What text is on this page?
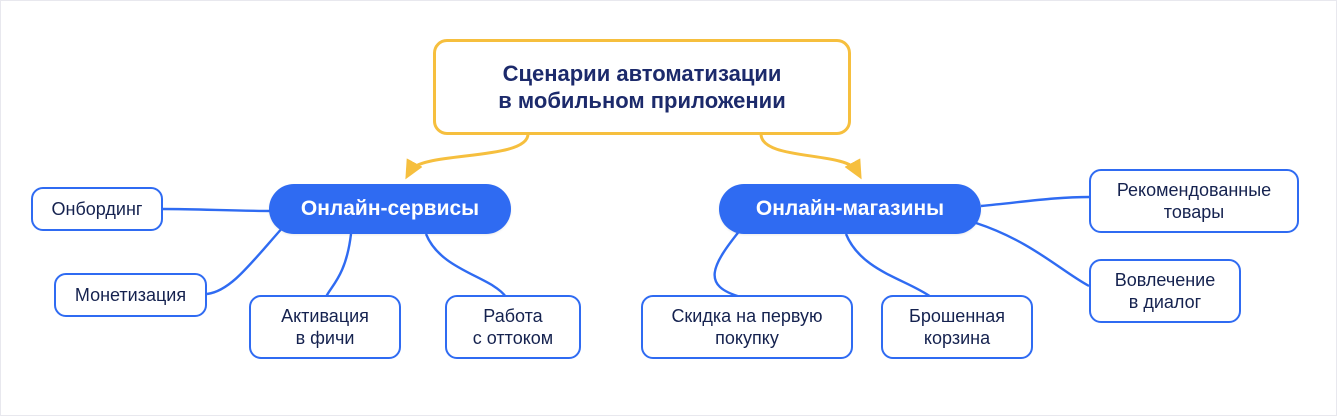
Сценарии автоматизации
в мобильном приложении
Онлайн-сервисы	Онлайн-магазины
Онбординг
Монетизация
Активация
в фичи
Работа
с оттоком
Скидка на первую
покупку
Брошенная
корзина
Рекомендованные
товары
Вовлечение
в диалог
